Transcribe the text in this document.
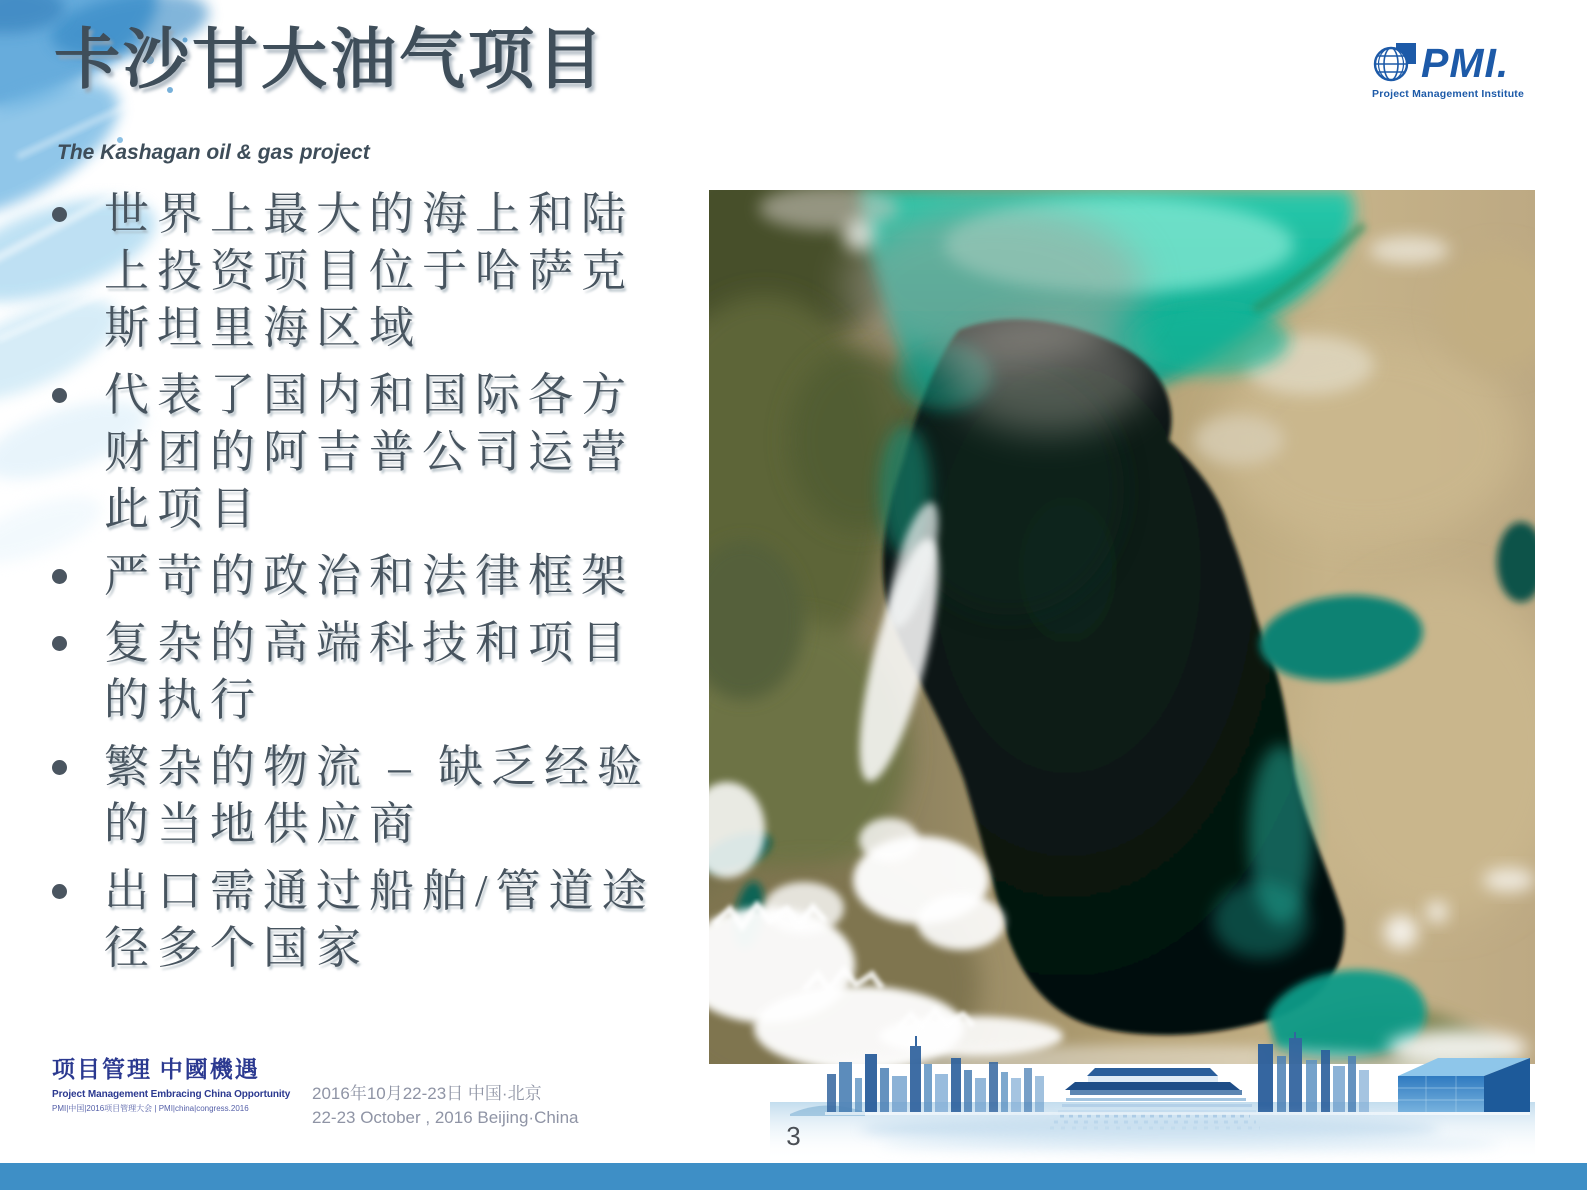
卡沙甘大油气项目
The Kashagan oil & gas project
PMI.
Project Management Institute
世界上最大的海上和陆上投资项目位于哈萨克斯坦里海区域
代表了国内和国际各方财团的阿吉普公司运营此项目
严苛的政治和法律框架
复杂的高端科技和项目的执行
繁杂的物流 – 缺乏经验的当地供应商
出口需通过船舶/管道途径多个国家
项目管理 中國機遇
Project Management Embracing China Opportunity
PMI|中国|2016项目管理大会 | PMI|china|congress.2016
2016年10月22-23日 中国·北京
22-23 October , 2016 Beijing·China
3
